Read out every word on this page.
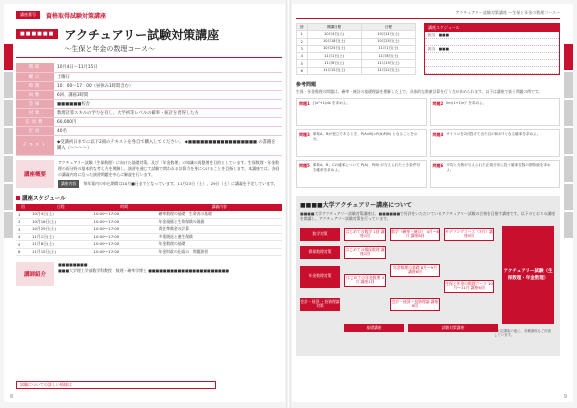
講座番号	資格取得試験対策講座
■■■■■■ アクチュアリー試験対策講座
〜生保と年金の数理コース〜
期間	10月4日〜11月15日
曜日	土曜日
時間	10：00〜17：00（昼休み1時間含む）
回数	6回、講座3時間
会場	■■■■■■校舎
対象	数理計算スキルの学力を有し、大学初等レベルの確率・統計を習得した方
定員数	60,000円
定員	40名
テキスト	◆受講初日までに以下2冊のテキストを各自で購入してください。 ◆■■■■■■■■■■■■■■■■■ の書籍を購入（〜〜〜〜）
講座概要
アクチュアリー試験（生保数理）に向けた基礎対策。及び「年金数理」の知識の再整理を目的としています。生保数理・年金数理の両分野の基本的な考え方を理解し、演習を通じて試験で問われる計算力を身につけることを目指します。本講座では、各回の講義内容に沿った演習問題を中心に解説を行います。
講座内容 毎年案内の申込期間は10月■日までとなっています。11月23日（土）、29日（土）に講義を予定しています。
講座スケジュール
回	日程	時間	講義内容
1	10月4日(土)	10:00〜17:00	確率数理の基礎　生命表の基礎
2	10月18日(土)	10:00〜17:00	年金現価と生命保険の現価
3	10月25日(土)	10:00〜17:00	責任準備金の計算
4	11月1日(土)	10:00〜17:00	多重脱退と連生保険
5	11月8日(土)	10:00〜17:00	年金数理の基礎
6	11月15日(土)	10:00〜17:00	年金財政の仕組み　問題演習
講師紹介
■■■■■■■■
■■■大学理工学部数学科教授　数理・確率学博士 ■■■■■■■■■■■■■■■■■■■■■■
試験についての詳しい情報は
8
アクチュアリー試験対策講座 〜生保と年金の数理コース〜
回	開講日程	日程
1	10月4日(土)	10月11日(土)
2	10月18日(土)	10月25日(土)
3	10月25日(土)	11月1日(土)
4	11月1日(土)	11月8日(土)
5	11月8日(土)	11月15日(土)
6	11月15日(土)	11月22日(土)
講座スケジュール
担当　■■■
担当　■■■
参考問題
生保・年金数理の問題は、確率・統計の基礎理論を理解した上で、具体的な数値計算を行う力が求められます。以下は講座で扱う問題の例です。
問題1 ∫(x²+1)dx を求めよ。	問題2 lim(1+1/n)ⁿ を求めよ。
問題3 事象A、Bが独立であるとき、P(A∩B)=P(A)P(B) となることを示せ。
問題4 サイコロを2回投げて出た目の和が7となる確率を求めよ。
問題5 事象A、B、Cの確率について P(A)、P(B) が与えられたとき条件付き確率を求めよ。
問題6 平均と分散が与えられた正規分布に従う確率変数の期待値を求めよ。
■■■■大学アクチュアリー講座について
■■■■大学アクチュアリー試験対策講座は、■■■■■■で好評をいただいているアクチュアリー試験の合格を目指す講座です。以下のとおりの講座を開講し、アクチュアリー試験対策を行っています。
数学対策	はじめての数学 1回 講座1回
数学（確率・統計） 4月〜8月 講座8回
モデリングコース（7月）講座5回
損保数理対策	はじめての損保数理 講座1回
年金数理対策	はじめての年金数理 4月 講座1回
年金数理の基礎 8月〜9月 講座6回
生保と年金の数理コース 10月〜11月 講座6回
会計・経済 ・投資理論対策
会計・経済・投資理論 講座6回
アクチュアリー試験（生保数理・年金数理）
基礎講座	試験対策講座
※下記講座の他に、各種講座もご用意しています。
9
